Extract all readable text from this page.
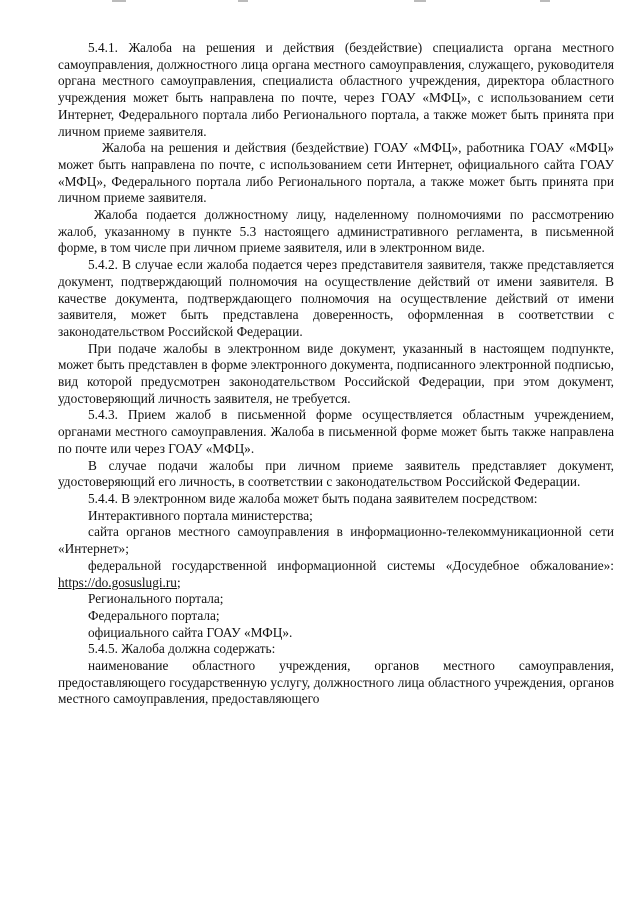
5.4.1. Жалоба на решения и действия (бездействие) специалиста органа местного самоуправления, должностного лица органа местного самоуправления, служащего, руководителя органа местного самоуправления, специалиста областного учреждения, директора областного учреждения может быть направлена по почте, через ГОАУ «МФЦ», с использованием сети Интернет, Федерального портала либо Регионального портала, а также может быть принята при личном приеме заявителя.

Жалоба на решения и действия (бездействие) ГОАУ «МФЦ», работника ГОАУ «МФЦ» может быть направлена по почте, с использованием сети Интернет, официального сайта ГОАУ «МФЦ», Федерального портала либо Регионального портала, а также может быть принята при личном приеме заявителя.

Жалоба подается должностному лицу, наделенному полномочиями по рассмотрению жалоб, указанному в пункте 5.3 настоящего административного регламента, в письменной форме, в том числе при личном приеме заявителя, или в электронном виде.

5.4.2. В случае если жалоба подается через представителя заявителя, также представляется документ, подтверждающий полномочия на осуществление действий от имени заявителя. В качестве документа, подтверждающего полномочия на осуществление действий от имени заявителя, может быть представлена доверенность, оформленная в соответствии с законодательством Российской Федерации.

При подаче жалобы в электронном виде документ, указанный в настоящем подпункте, может быть представлен в форме электронного документа, подписанного электронной подписью, вид которой предусмотрен законодательством Российской Федерации, при этом документ, удостоверяющий личность заявителя, не требуется.

5.4.3. Прием жалоб в письменной форме осуществляется областным учреждением, органами местного самоуправления. Жалоба в письменной форме может быть также направлена по почте или через ГОАУ «МФЦ».

В случае подачи жалобы при личном приеме заявитель представляет документ, удостоверяющий его личность, в соответствии с законодательством Российской Федерации.

5.4.4. В электронном виде жалоба может быть подана заявителем посредством:

Интерактивного портала министерства;

сайта органов местного самоуправления в информационно-телекоммуникационной сети «Интернет»;

федеральной государственной информационной системы «Досудебное обжалование»: https://do.gosuslugi.ru;

Регионального портала;

Федерального портала;

официального сайта ГОАУ «МФЦ».

5.4.5. Жалоба должна содержать:

наименование областного учреждения, органов местного самоуправления, предоставляющего государственную услугу, должностного лица областного учреждения, органов местного самоуправления, предоставляющего
